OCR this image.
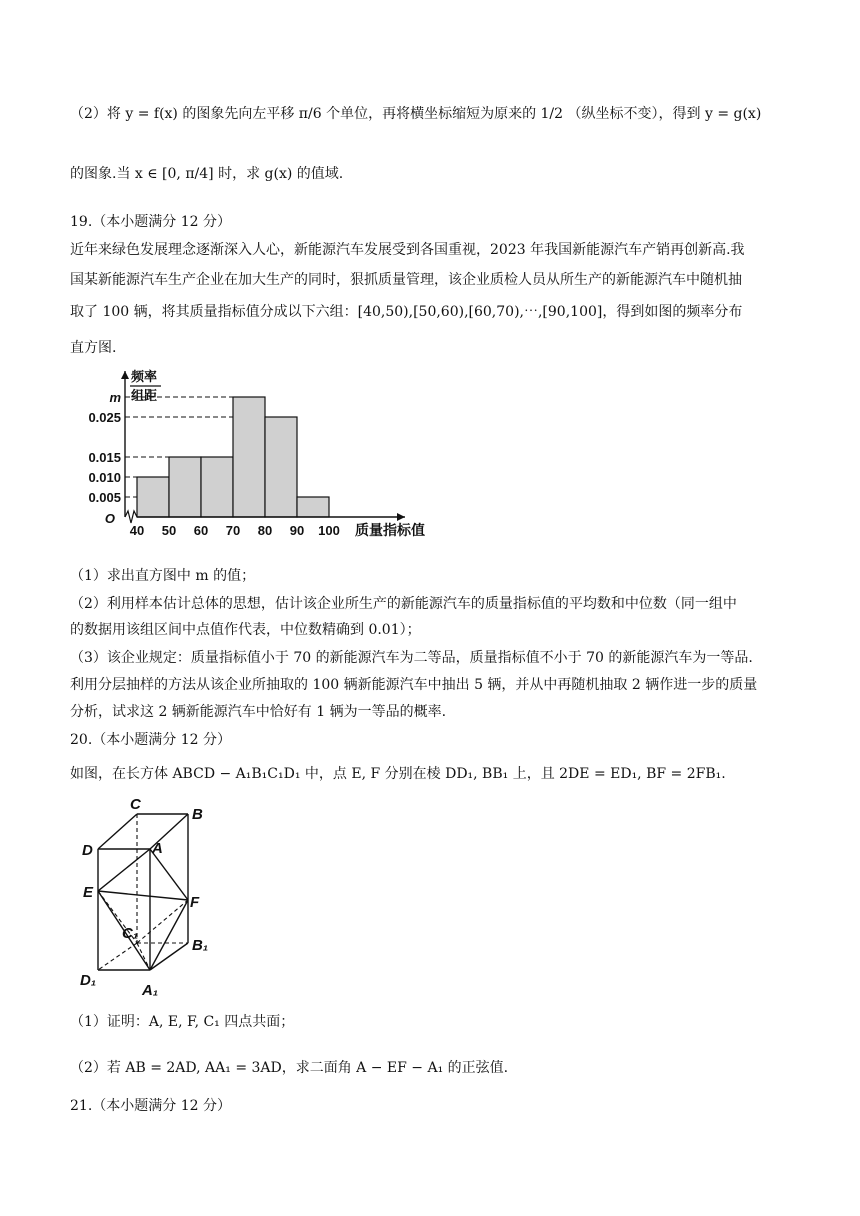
（2）将 y = f(x) 的图象先向左平移 π/6 个单位，再将横坐标缩短为原来的 1/2 （纵坐标不变），得到 y = g(x)
的图象.当 x ∈ [0, π/4] 时，求 g(x) 的值域.
19.（本小题满分 12 分）
近年来绿色发展理念逐渐深入人心，新能源汽车发展受到各国重视，2023 年我国新能源汽车产销再创新高.我
国某新能源汽车生产企业在加大生产的同时，狠抓质量管理，该企业质检人员从所生产的新能源汽车中随机抽
取了 100 辆，将其质量指标值分成以下六组：[40,50),[50,60),[60,70),⋯,[90,100]，得到如图的频率分布
直方图.
0.005
0.010
0.015
0.025
m
40 50 60 70 80 90 100
O
频率
组距
质量指标值
（1）求出直方图中 m 的值；
（2）利用样本估计总体的思想，估计该企业所生产的新能源汽车的质量指标值的平均数和中位数（同一组中
的数据用该组区间中点值作代表，中位数精确到 0.01）；
（3）该企业规定：质量指标值小于 70 的新能源汽车为二等品，质量指标值不小于 70 的新能源汽车为一等品.
利用分层抽样的方法从该企业所抽取的 100 辆新能源汽车中抽出 5 辆，并从中再随机抽取 2 辆作进一步的质量
分析，试求这 2 辆新能源汽车中恰好有 1 辆为一等品的概率.
20.（本小题满分 12 分）
如图，在长方体 ABCD − A₁B₁C₁D₁ 中，点 E, F 分别在棱 DD₁, BB₁ 上，且 2DE = ED₁, BF = 2FB₁.
C
B
D	A
E
F
C₁
B₁
D₁
A₁
（1）证明：A, E, F, C₁ 四点共面；
（2）若 AB = 2AD, AA₁ = 3AD，求二面角 A − EF − A₁ 的正弦值.
21.（本小题满分 12 分）
